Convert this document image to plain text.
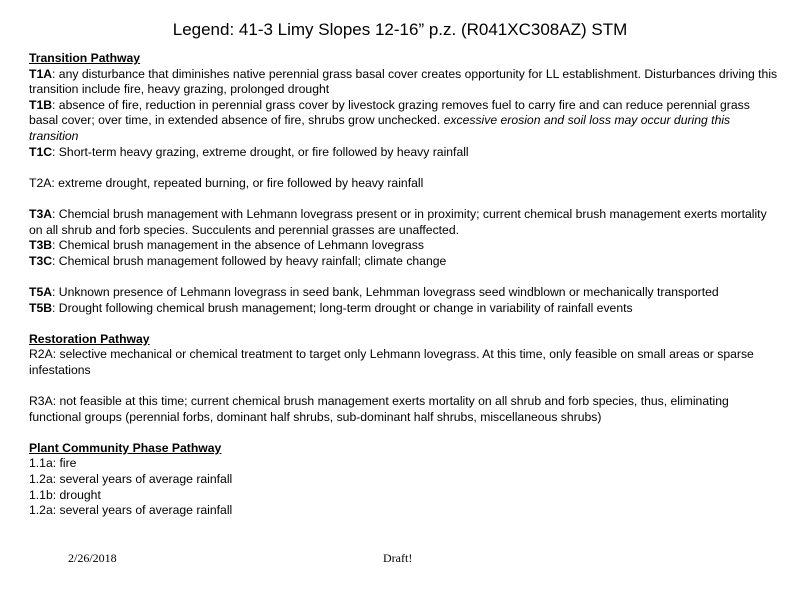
Legend: 41-3 Limy Slopes 12-16” p.z. (R041XC308AZ) STM
Transition Pathway
T1A: any disturbance that diminishes native perennial grass basal cover creates opportunity for LL establishment. Disturbances driving this transition include fire, heavy grazing, prolonged drought
T1B: absence of fire, reduction in perennial grass cover by livestock grazing removes fuel to carry fire and can reduce perennial grass basal cover; over time, in extended absence of fire, shrubs grow unchecked. excessive erosion and soil loss may occur during this transition
T1C: Short-term heavy grazing, extreme drought, or fire followed by heavy rainfall
T2A: extreme drought, repeated burning, or fire followed by heavy rainfall
T3A: Chemcial brush management with Lehmann lovegrass present or in proximity; current chemical brush management exerts mortality on all shrub and forb species. Succulents and perennial grasses are unaffected.
T3B: Chemical brush management in the absence of Lehmann lovegrass
T3C: Chemical brush management followed by heavy rainfall; climate change
T5A: Unknown presence of Lehmann lovegrass in seed bank, Lehmman lovegrass seed windblown or mechanically transported
T5B: Drought following chemical brush management; long-term drought or change in variability of rainfall events
Restoration Pathway
R2A: selective mechanical or chemical treatment to target only Lehmann lovegrass. At this time, only feasible on small areas or sparse infestations
R3A: not feasible at this time; current chemical brush management exerts mortality on all shrub and forb species, thus, eliminating functional groups (perennial forbs, dominant half shrubs, sub-dominant half shrubs, miscellaneous shrubs)
Plant Community Phase Pathway
1.1a: fire
1.2a: several years of average rainfall
1.1b: drought
1.2a: several years of average rainfall
2/26/2018	Draft!
